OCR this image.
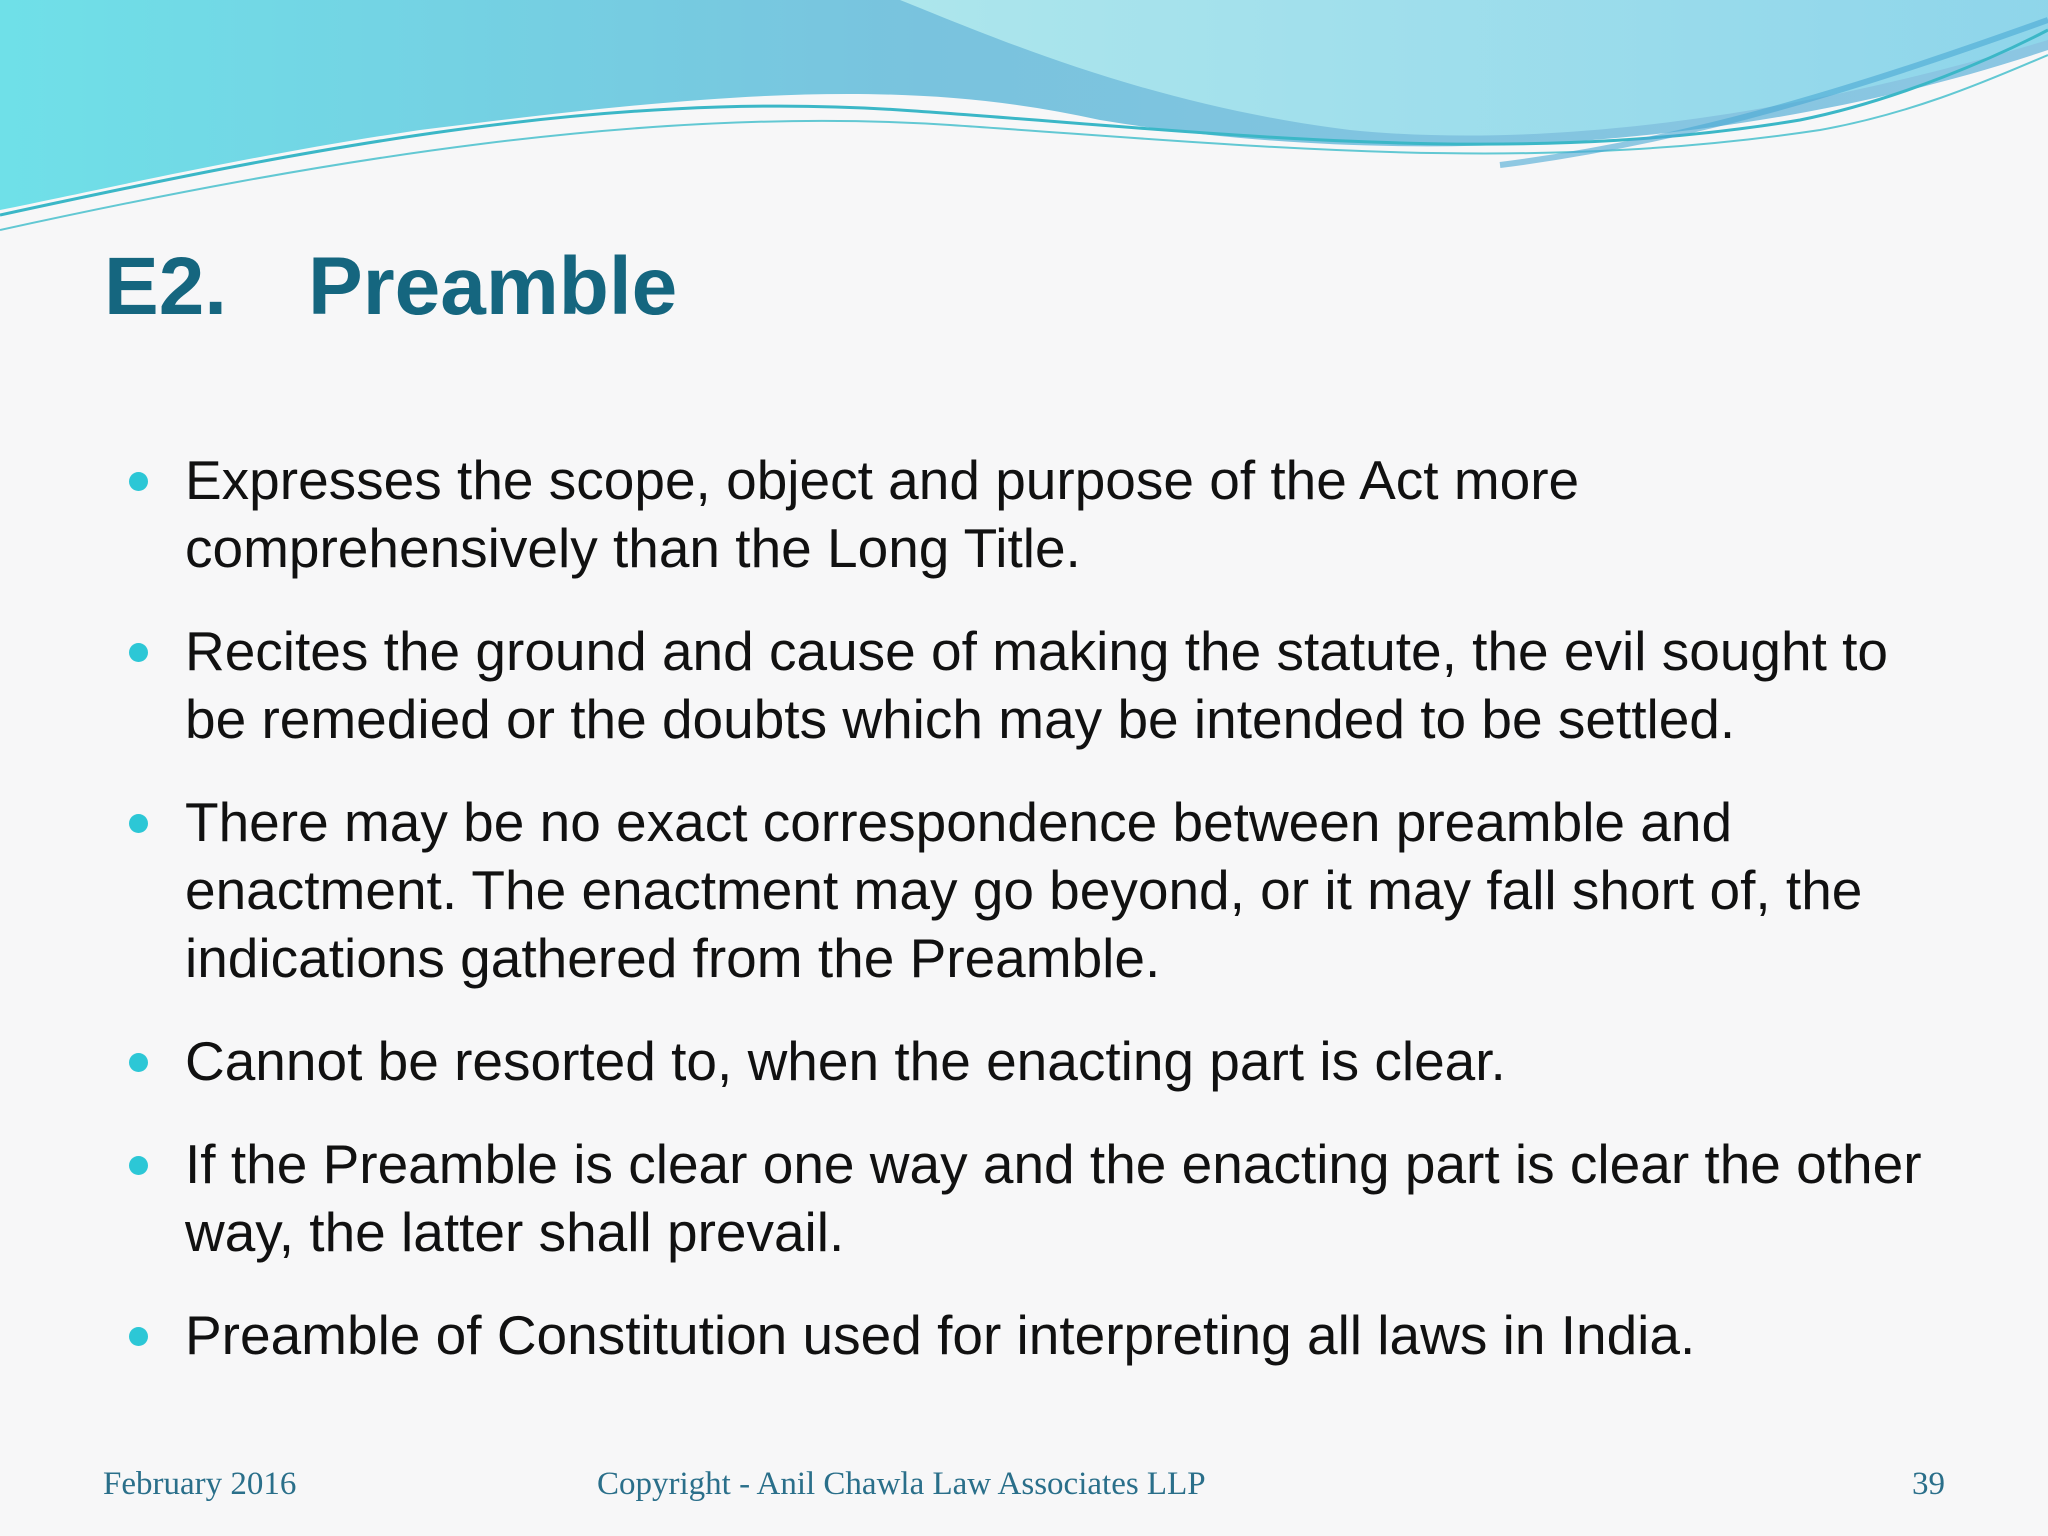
E2. Preamble
Expresses the scope, object and purpose of the Act more comprehensively than the Long Title.
Recites the ground and cause of making the statute, the evil sought to be remedied or the doubts which may be intended to be settled.
There may be no exact correspondence between preamble and enactment. The enactment may go beyond, or it may fall short of, the indications gathered from the Preamble.
Cannot be resorted to, when the enacting part is clear.
If the Preamble is clear one way and the enacting part is clear the other way, the latter shall prevail.
Preamble of Constitution used for interpreting all laws in India.
February 2016	Copyright - Anil Chawla Law Associates LLP	39
